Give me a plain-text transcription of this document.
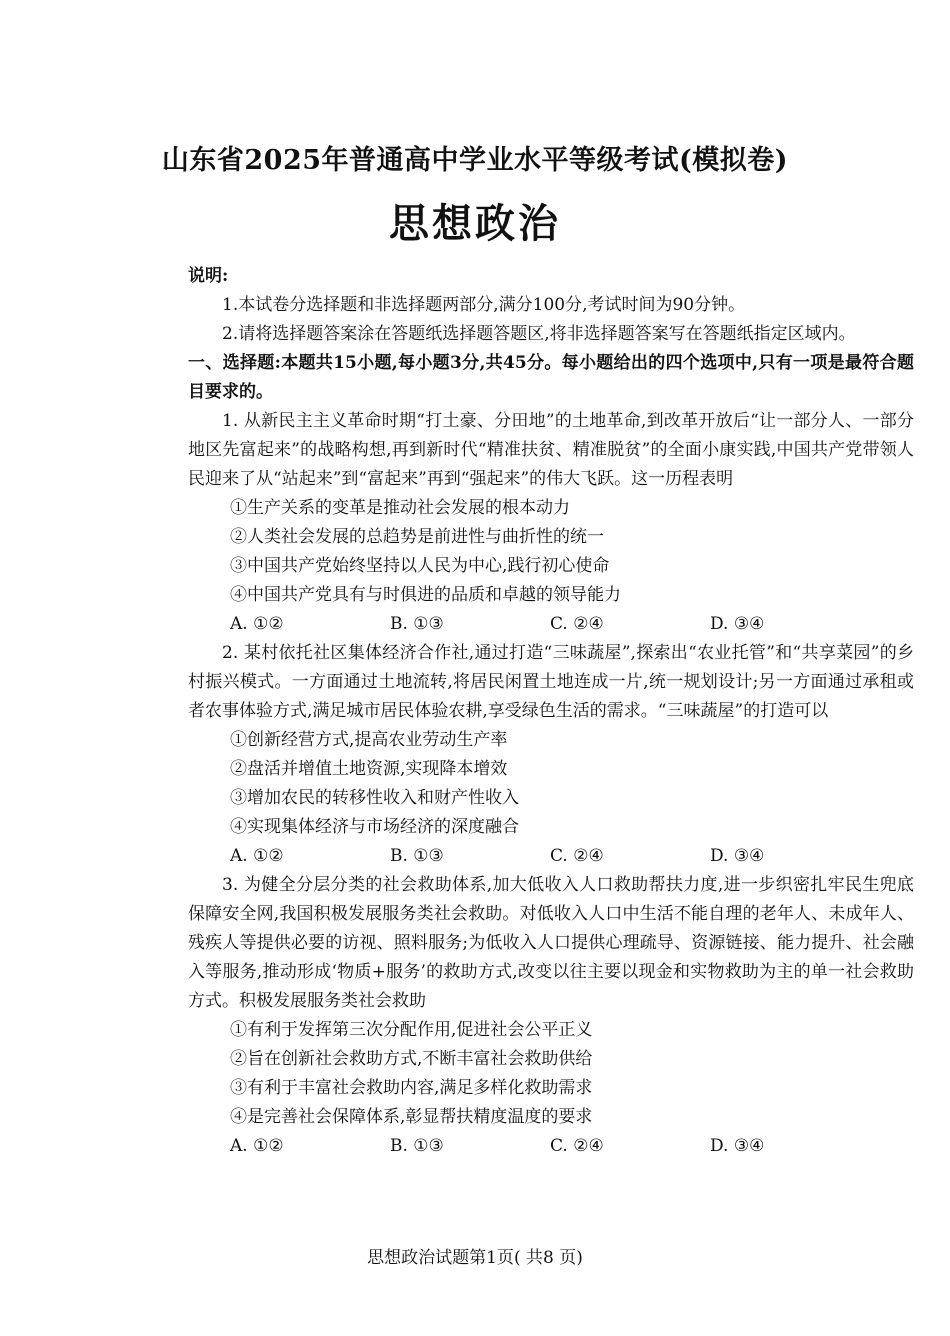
山东省2025年普通高中学业水平等级考试(模拟卷)
思想政治

说明:

1.本试卷分选择题和非选择题两部分,满分100分,考试时间为90分钟。

2.请将选择题答案涂在答题纸选择题答题区,将非选择题答案写在答题纸指定区域内。

一、选择题:本题共15小题,每小题3分,共45分。每小题给出的四个选项中,只有一项是最符合题目要求的。

1. 从新民主主义革命时期“打土豪、分田地”的土地革命,到改革开放后“让一部分人、一部分地区先富起来”的战略构想,再到新时代“精准扶贫、精准脱贫”的全面小康实践,中国共产党带领人民迎来了从“站起来”到“富起来”再到“强起来”的伟大飞跃。这一历程表明

①生产关系的变革是推动社会发展的根本动力

②人类社会发展的总趋势是前进性与曲折性的统一

③中国共产党始终坚持以人民为中心,践行初心使命

④中国共产党具有与时俱进的品质和卓越的领导能力

A. ①②	B. ①③	C. ②④	D. ③④

2. 某村依托社区集体经济合作社,通过打造“三味蔬屋”,探索出“农业托管”和“共享菜园”的乡村振兴模式。一方面通过土地流转,将居民闲置土地连成一片,统一规划设计;另一方面通过承租或者农事体验方式,满足城市居民体验农耕,享受绿色生活的需求。“三味蔬屋”的打造可以

①创新经营方式,提高农业劳动生产率

②盘活并增值土地资源,实现降本增效

③增加农民的转移性收入和财产性收入

④实现集体经济与市场经济的深度融合

A. ①②	B. ①③	C. ②④	D. ③④

3. 为健全分层分类的社会救助体系,加大低收入人口救助帮扶力度,进一步织密扎牢民生兜底保障安全网,我国积极发展服务类社会救助。对低收入人口中生活不能自理的老年人、未成年人、残疾人等提供必要的访视、照料服务;为低收入人口提供心理疏导、资源链接、能力提升、社会融入等服务,推动形成‘物质+服务’的救助方式,改变以往主要以现金和实物救助为主的单一社会救助方式。积极发展服务类社会救助

①有利于发挥第三次分配作用,促进社会公平正义

②旨在创新社会救助方式,不断丰富社会救助供给

③有利于丰富社会救助内容,满足多样化救助需求

④是完善社会保障体系,彰显帮扶精度温度的要求

A. ①②	B. ①③	C. ②④	D. ③④
思想政治试题第1页( 共8 页)
